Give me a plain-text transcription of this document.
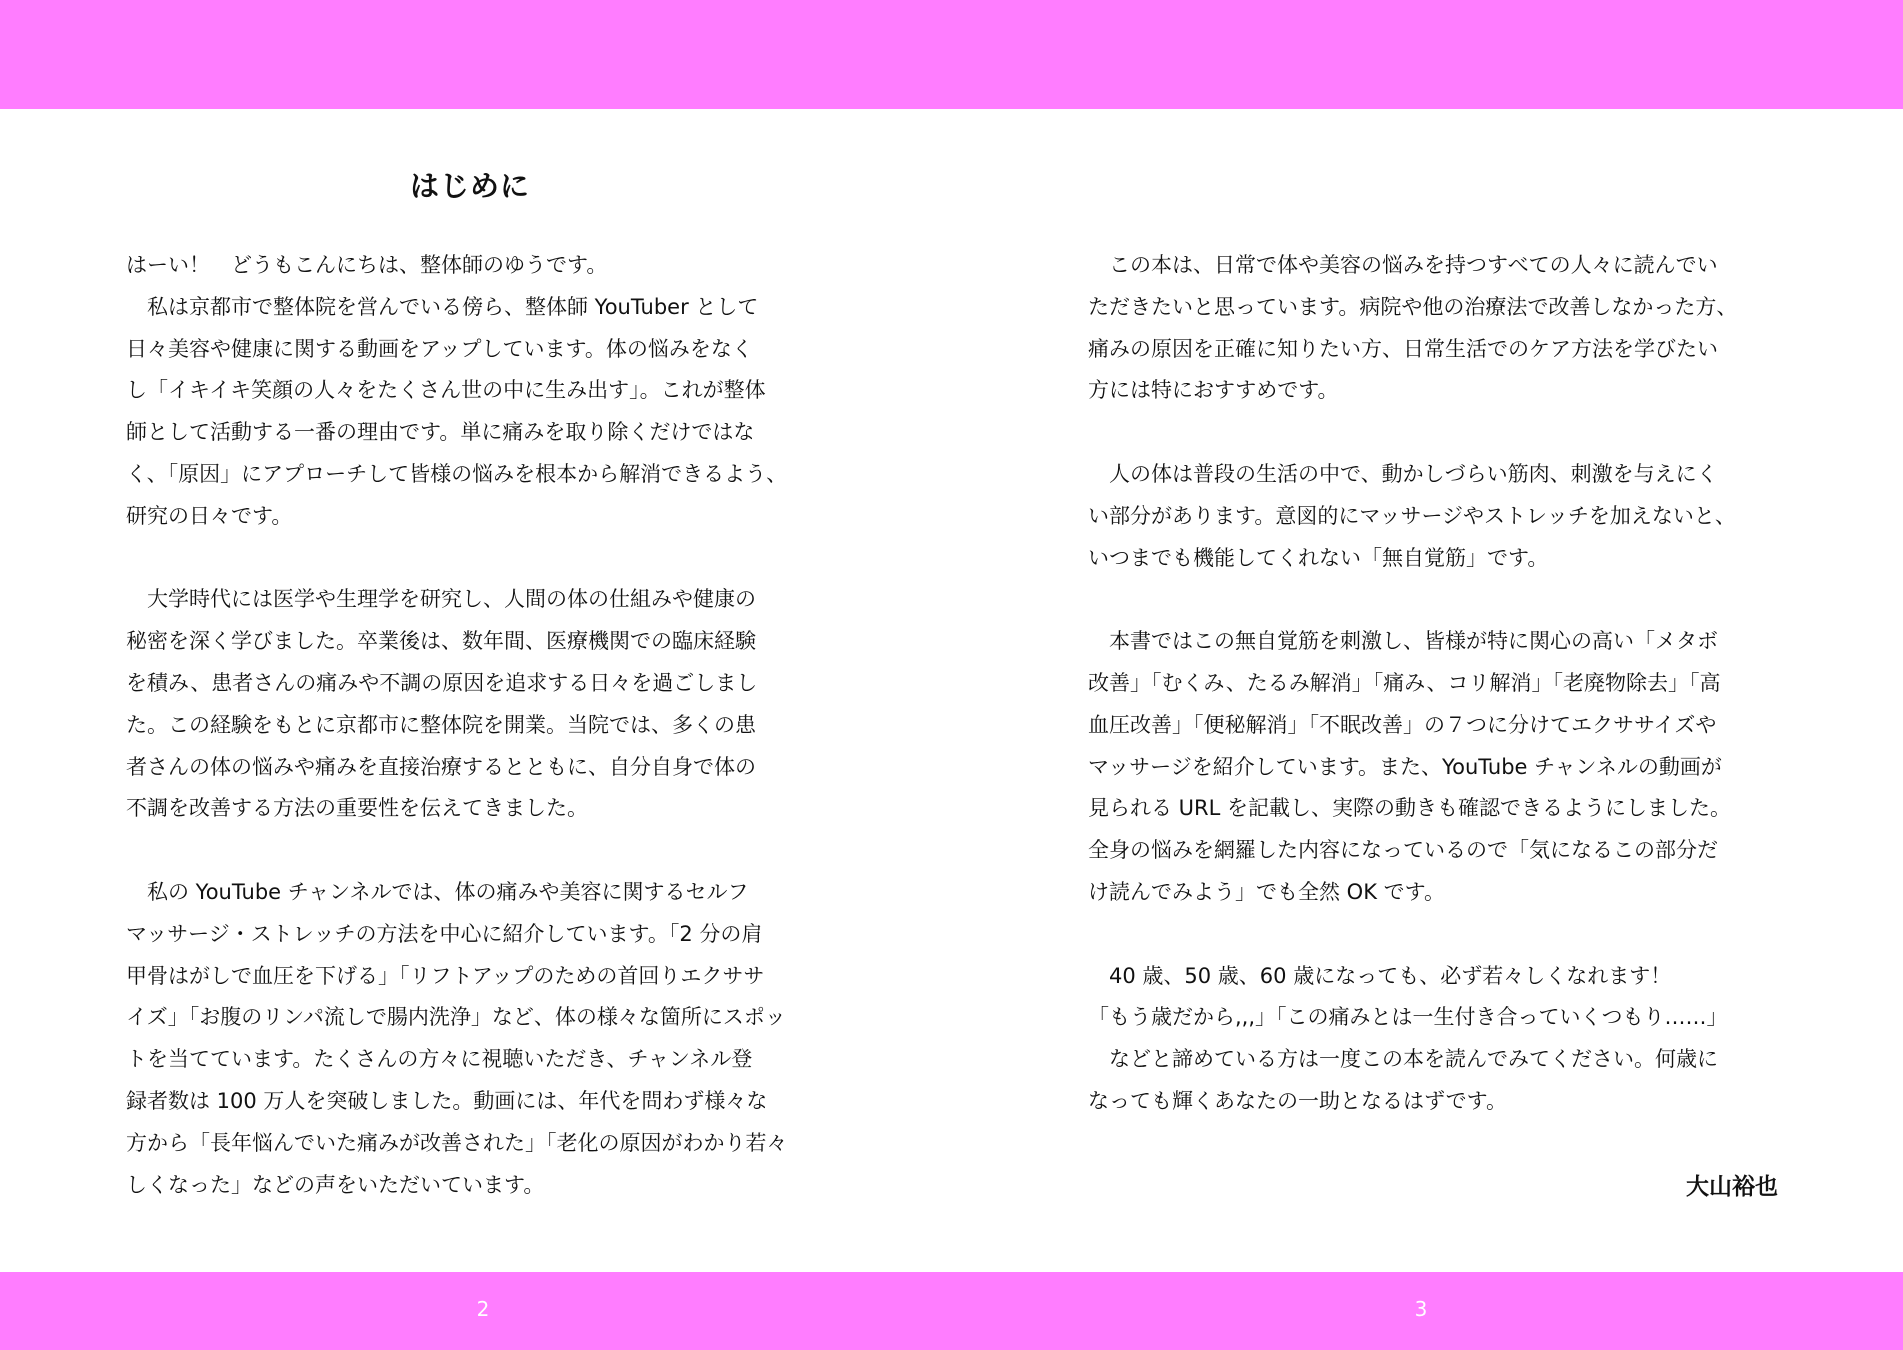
はじめに
はーい！　どうもこんにちは、整体師のゆうです。
　私は京都市で整体院を営んでいる傍ら、整体師 YouTuber として
日々美容や健康に関する動画をアップしています。体の悩みをなく
し「イキイキ笑顔の人々をたくさん世の中に生み出す」。これが整体
師として活動する一番の理由です。単に痛みを取り除くだけではな
く、「原因」にアプローチして皆様の悩みを根本から解消できるよう、
研究の日々です。
　大学時代には医学や生理学を研究し、人間の体の仕組みや健康の
秘密を深く学びました。卒業後は、数年間、医療機関での臨床経験
を積み、患者さんの痛みや不調の原因を追求する日々を過ごしまし
た。この経験をもとに京都市に整体院を開業。当院では、多くの患
者さんの体の悩みや痛みを直接治療するとともに、自分自身で体の
不調を改善する方法の重要性を伝えてきました。
　私の YouTube チャンネルでは、体の痛みや美容に関するセルフ
マッサージ・ストレッチの方法を中心に紹介しています。「2 分の肩
甲骨はがしで血圧を下げる」「リフトアップのための首回りエクササ
イズ」「お腹のリンパ流しで腸内洗浄」など、体の様々な箇所にスポッ
トを当てています。たくさんの方々に視聴いただき、チャンネル登
録者数は 100 万人を突破しました。動画には、年代を問わず様々な
方から「長年悩んでいた痛みが改善された」「老化の原因がわかり若々
しくなった」などの声をいただいています。
　この本は、日常で体や美容の悩みを持つすべての人々に読んでい
ただきたいと思っています。病院や他の治療法で改善しなかった方、
痛みの原因を正確に知りたい方、日常生活でのケア方法を学びたい
方には特におすすめです。
　人の体は普段の生活の中で、動かしづらい筋肉、刺激を与えにく
い部分があります。意図的にマッサージやストレッチを加えないと、
いつまでも機能してくれない「無自覚筋」です。
　本書ではこの無自覚筋を刺激し、皆様が特に関心の高い「メタボ
改善」「むくみ、たるみ解消」「痛み、コリ解消」「老廃物除去」「高
血圧改善」「便秘解消」「不眠改善」の７つに分けてエクササイズや
マッサージを紹介しています。また、YouTube チャンネルの動画が
見られる URL を記載し、実際の動きも確認できるようにしました。
全身の悩みを網羅した内容になっているので「気になるこの部分だ
け読んでみよう」でも全然 OK です。
　40 歳、50 歳、60 歳になっても、必ず若々しくなれます！
「もう歳だから,,,」「この痛みとは一生付き合っていくつもり……」
　などと諦めている方は一度この本を読んでみてください。何歳に
なっても輝くあなたの一助となるはずです。
大山裕也
2	3
